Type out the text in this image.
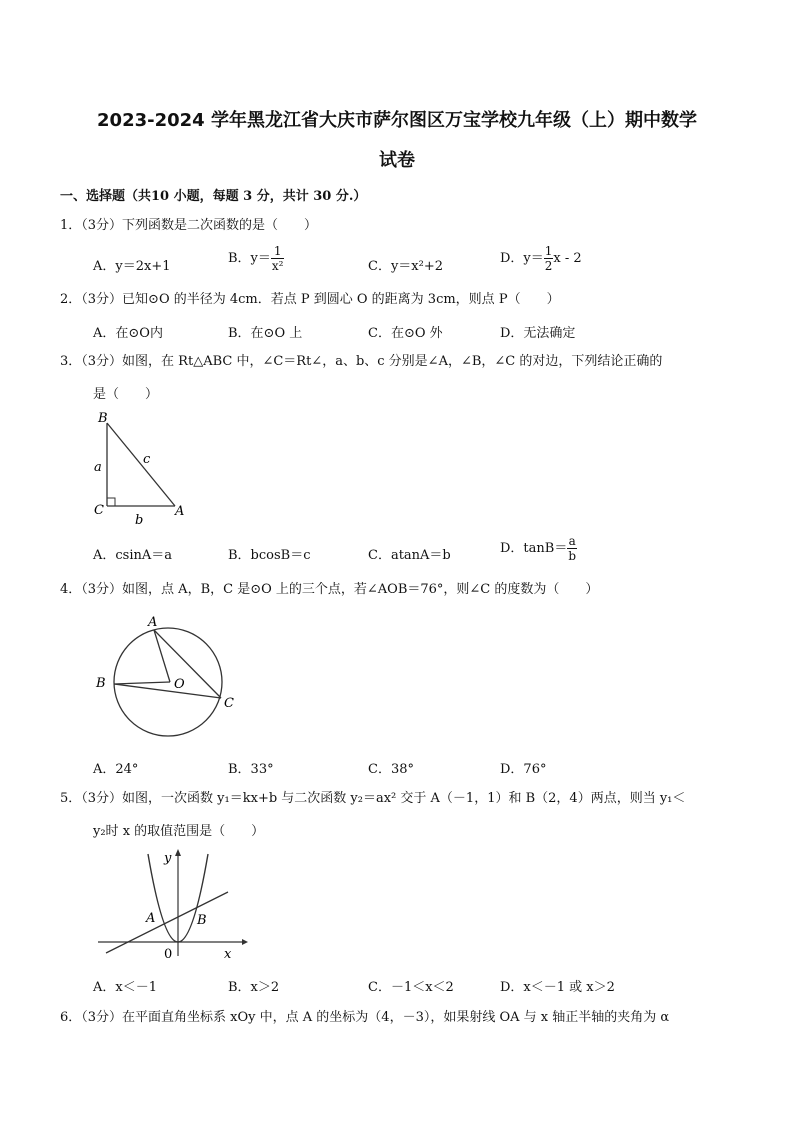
2023-2024 学年黑龙江省大庆市萨尔图区万宝学校九年级（上）期中数学
试卷
一、选择题（共10 小题，每题 3 分，共计 30 分.）
1．（3分）下列函数是二次函数的是（　　）
A．y＝2x+1
B．$y= \frac{1}{\text{x²}}$	C．y＝x²+2
D．$y= \frac{1}{2}$ x - 2
2．（3分）已知⊙O 的半径为 4cm．若点 P 到圆心 O 的距离为 3cm，则点 P（　　）
A．在⊙O内	B．在⊙O 上	C．在⊙O 外	D．无法确定
3．（3分）如图，在 Rt△ABC 中，∠C＝Rt∠，a、b、c 分别是∠A，∠B，∠C 的对边，下列结论正确的
是（　　）
B
C	A
a
b
c
A．csinA＝a	B．bcosB＝c	C．atanA＝b	D．$\tan B= \frac{a}{b}$
4．（3分）如图，点 A，B，C 是⊙O 上的三个点，若∠AOB＝76°，则∠C 的度数为（　　）
A
B	O
C
A．24°	B．33°	C．38°	D．76°
5．（3分）如图，一次函数 y₁＝kx+b 与二次函数 y₂＝ax² 交于 A（－1，1）和 B（2，4）两点，则当 y₁＜
y₂时 x 的取值范围是（　　）
y
x
0
A	B
A．x＜－1	B．x＞2	C．－1＜x＜2	D．x＜－1 或 x＞2
6．（3分）在平面直角坐标系 xOy 中，点 A 的坐标为（4，－3），如果射线 OA 与 x 轴正半轴的夹角为 α
